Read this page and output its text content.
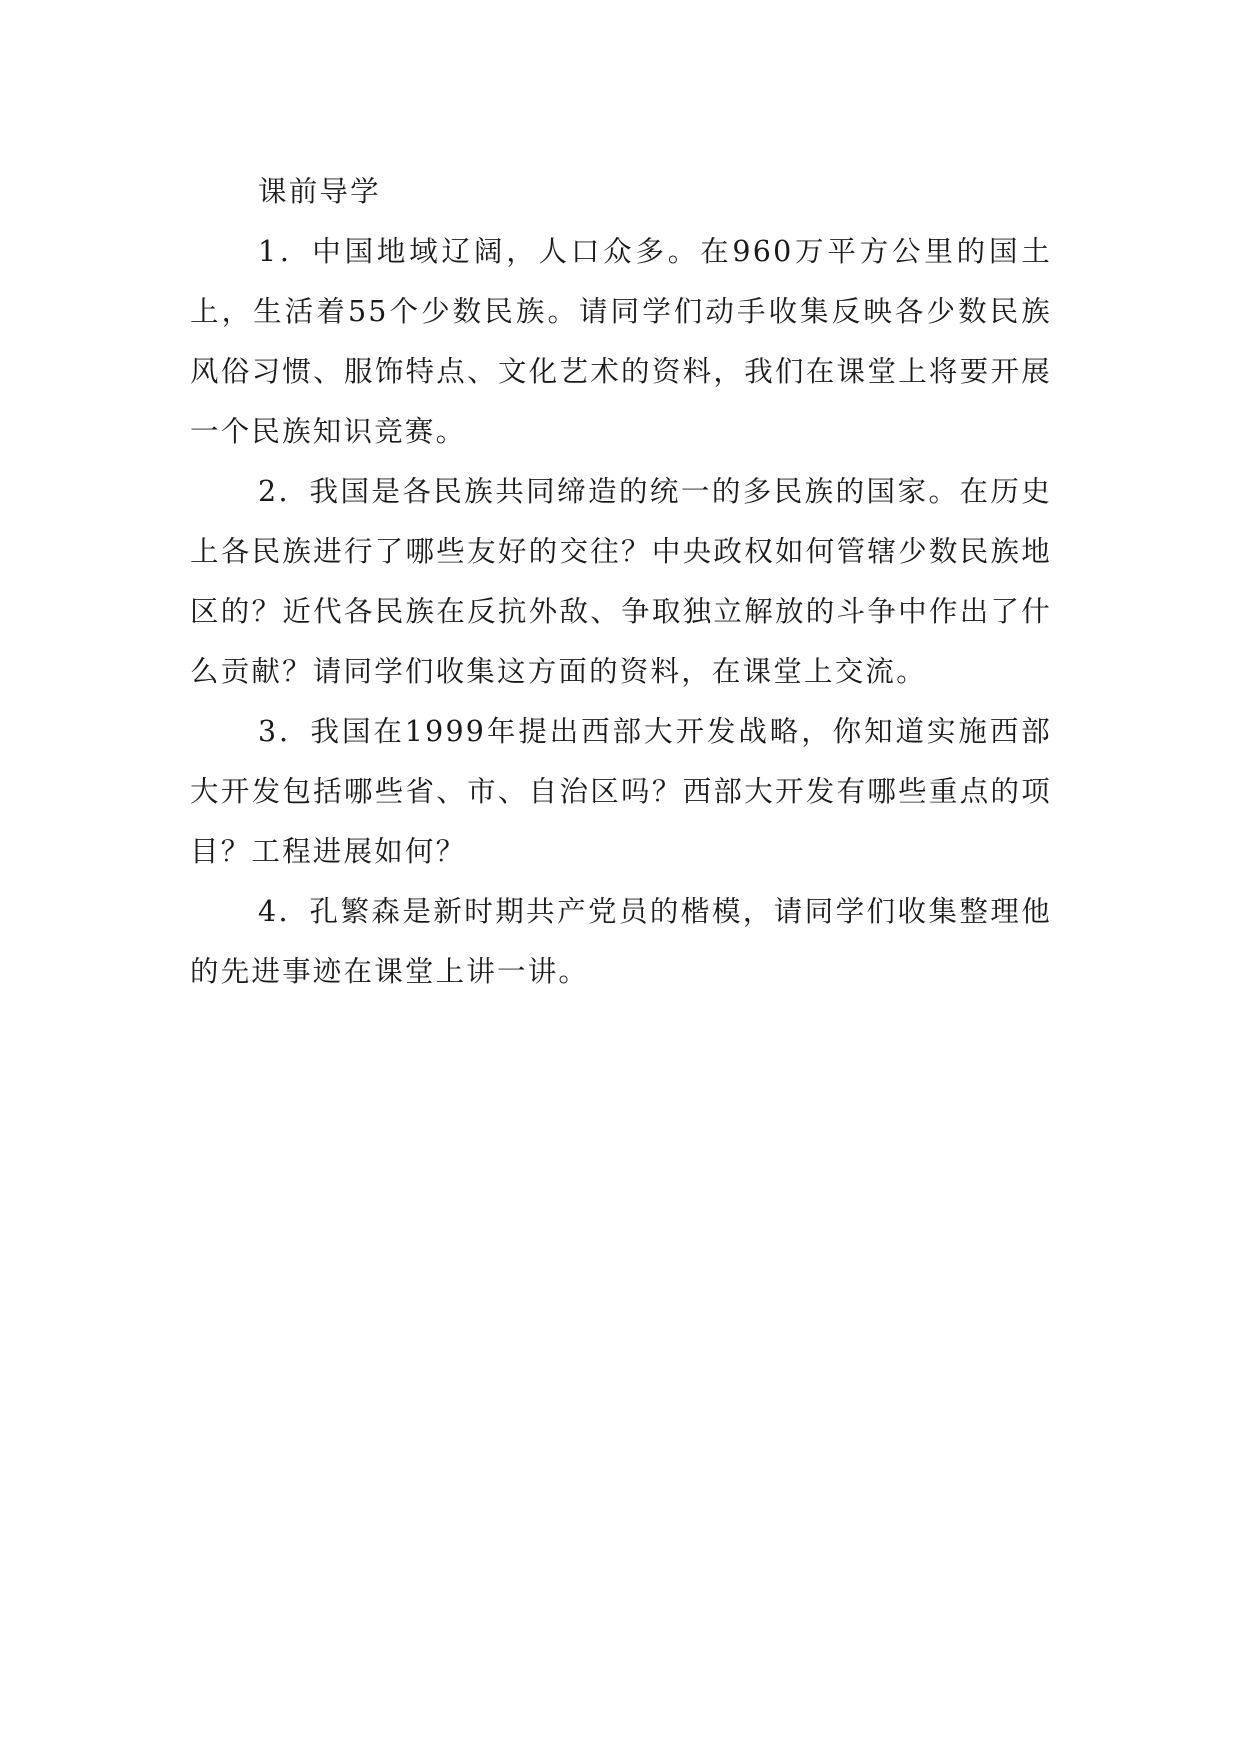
课前导学

1．中国地域辽阔，人口众多。在960万平方公里的国土上，生活着55个少数民族。请同学们动手收集反映各少数民族风俗习惯、服饰特点、文化艺术的资料，我们在课堂上将要开展一个民族知识竞赛。

2．我国是各民族共同缔造的统一的多民族的国家。在历史上各民族进行了哪些友好的交往？中央政权如何管辖少数民族地区的？近代各民族在反抗外敌、争取独立解放的斗争中作出了什么贡献？请同学们收集这方面的资料，在课堂上交流。

3．我国在1999年提出西部大开发战略，你知道实施西部大开发包括哪些省、市、自治区吗？西部大开发有哪些重点的项目？工程进展如何？

4．孔繁森是新时期共产党员的楷模，请同学们收集整理他的先进事迹在课堂上讲一讲。
